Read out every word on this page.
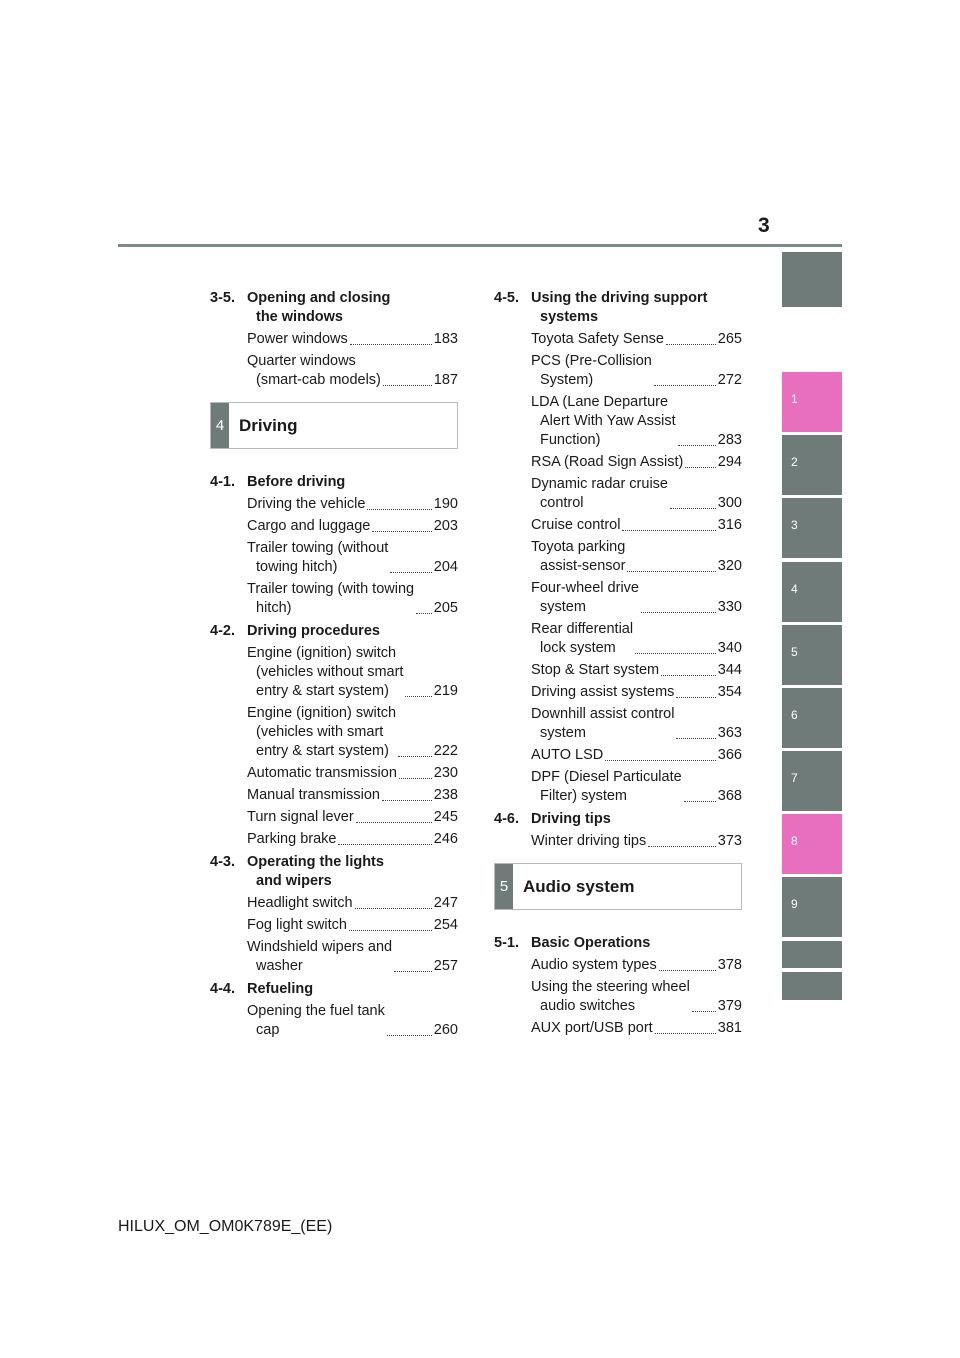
3
1
2
3
4
5
6
7
8
9
3-5. Opening and closing
the windows
Power windows	183
Quarter windows
(smart-cab models)	187
4 Driving
4-1. Before driving
Driving the vehicle	190
Cargo and luggage	203
Trailer towing (without
towing hitch)	204
Trailer towing (with towing
hitch)	205
4-2. Driving procedures
Engine (ignition) switch
(vehicles without smart
entry & start system)	219
Engine (ignition) switch
(vehicles with smart
entry & start system)	222
Automatic transmission	230
Manual transmission	238
Turn signal lever	245
Parking brake	246
4-3. Operating the lights
and wipers
Headlight switch	247
Fog light switch	254
Windshield wipers and
washer	257
4-4. Refueling
Opening the fuel tank
cap	260
4-5. Using the driving support
systems
Toyota Safety Sense	265
PCS (Pre-Collision
System)	272
LDA (Lane Departure
Alert With Yaw Assist
Function)	283
RSA (Road Sign Assist) 294
Dynamic radar cruise
control	300
Cruise control	316
Toyota parking
assist-sensor	320
Four-wheel drive
system	330
Rear differential
lock system	340
Stop & Start system	344
Driving assist systems	354
Downhill assist control
system	363
AUTO LSD	366
DPF (Diesel Particulate
Filter) system	368
4-6. Driving tips
Winter driving tips	373
5 Audio system
5-1. Basic Operations
Audio system types	378
Using the steering wheel
audio switches	379
AUX port/USB port	381
HILUX_OM_OM0K789E_(EE)
